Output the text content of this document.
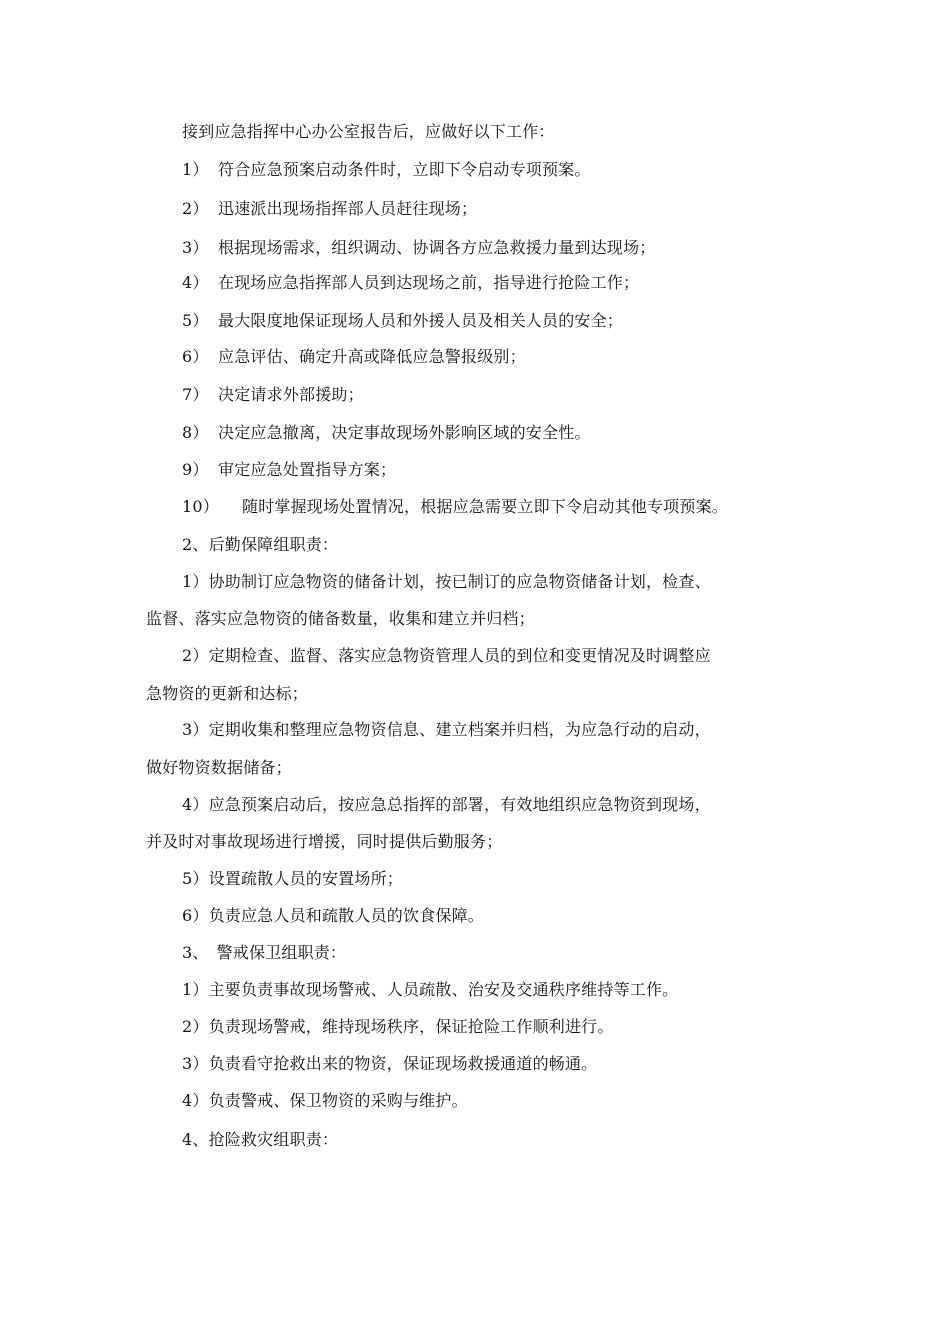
接到应急指挥中心办公室报告后，应做好以下工作：
1） 符合应急预案启动条件时，立即下令启动专项预案。
2） 迅速派出现场指挥部人员赶往现场；
3） 根据现场需求，组织调动、协调各方应急救援力量到达现场；
4） 在现场应急指挥部人员到达现场之前，指导进行抢险工作；
5） 最大限度地保证现场人员和外援人员及相关人员的安全；
6） 应急评估、确定升高或降低应急警报级别；
7） 决定请求外部援助；
8） 决定应急撤离，决定事故现场外影响区域的安全性。
9） 审定应急处置指导方案；
10） 随时掌握现场处置情况，根据应急需要立即下令启动其他专项预案。
2、后勤保障组职责：
1）协助制订应急物资的储备计划，按已制订的应急物资储备计划，检查、
监督、落实应急物资的储备数量，收集和建立并归档；
2）定期检查、监督、落实应急物资管理人员的到位和变更情况及时调整应
急物资的更新和达标；
3）定期收集和整理应急物资信息、建立档案并归档，为应急行动的启动，
做好物资数据储备；
4）应急预案启动后，按应急总指挥的部署，有效地组织应急物资到现场，
并及时对事故现场进行增援，同时提供后勤服务；
5）设置疏散人员的安置场所；
6）负责应急人员和疏散人员的饮食保障。
3、 警戒保卫组职责：
1）主要负责事故现场警戒、人员疏散、治安及交通秩序维持等工作。
2）负责现场警戒，维持现场秩序，保证抢险工作顺利进行。
3）负责看守抢救出来的物资，保证现场救援通道的畅通。
4）负责警戒、保卫物资的采购与维护。
4、抢险救灾组职责：
